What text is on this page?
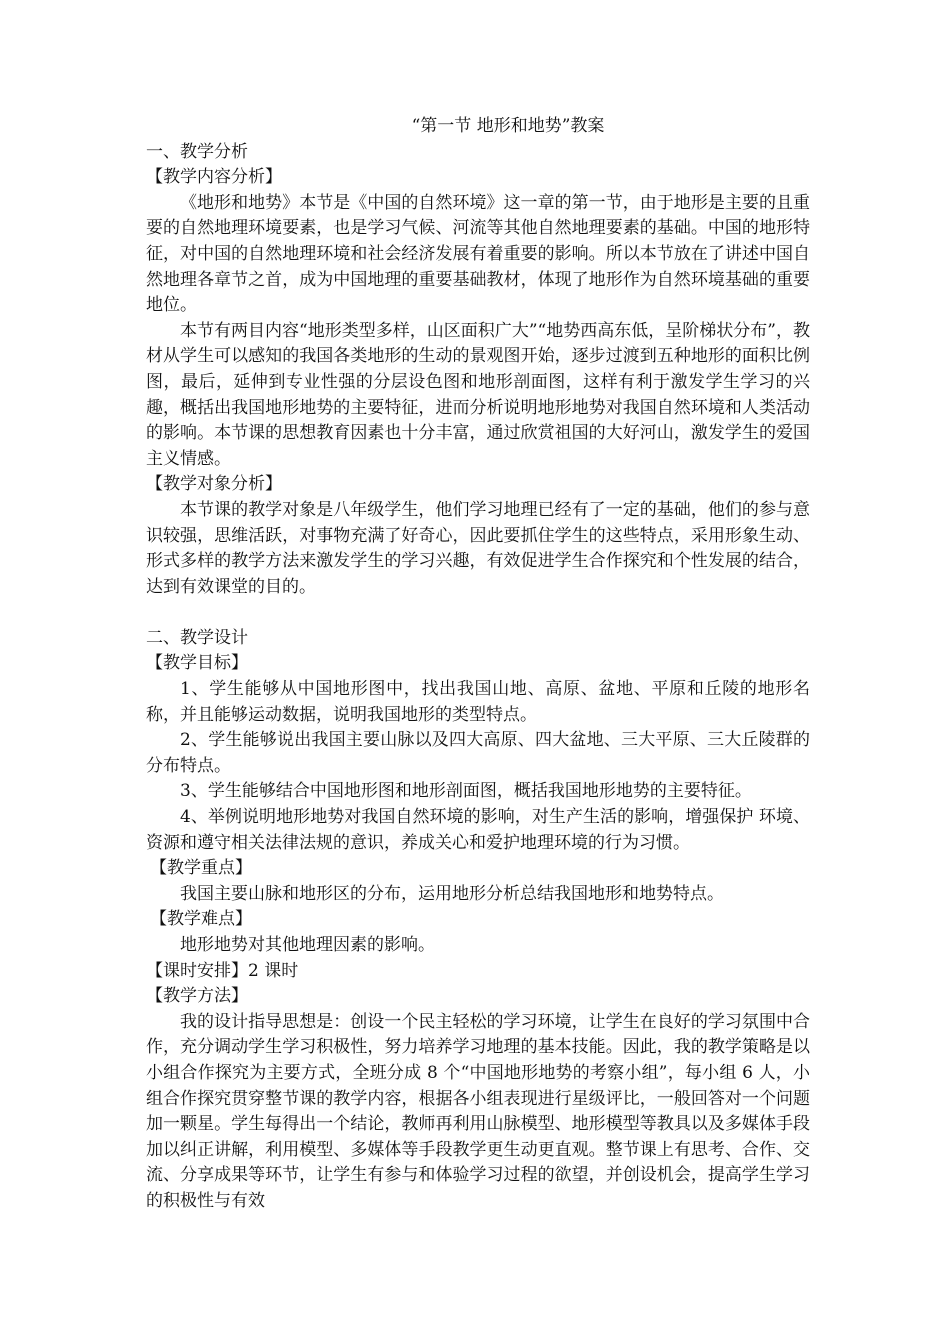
“第一节 地形和地势”教案
一、教学分析
【教学内容分析】

《地形和地势》本节是《中国的自然环境》这一章的第一节，由于地形是主要的且重要的自然地理环境要素，也是学习气候、河流等其他自然地理要素的基础。中国的地形特征，对中国的自然地理环境和社会经济发展有着重要的影响。所以本节放在了讲述中国自然地理各章节之首，成为中国地理的重要基础教材，体现了地形作为自然环境基础的重要地位。

本节有两目内容“地形类型多样，山区面积广大”“地势西高东低，呈阶梯状分布”，教材从学生可以感知的我国各类地形的生动的景观图开始，逐步过渡到五种地形的面积比例图，最后，延伸到专业性强的分层设色图和地形剖面图，这样有利于激发学生学习的兴趣，概括出我国地形地势的主要特征，进而分析说明地形地势对我国自然环境和人类活动的影响。本节课的思想教育因素也十分丰富，通过欣赏祖国的大好河山，激发学生的爱国主义情感。

【教学对象分析】

本节课的教学对象是八年级学生，他们学习地理已经有了一定的基础，他们的参与意识较强，思维活跃，对事物充满了好奇心，因此要抓住学生的这些特点，采用形象生动、形式多样的教学方法来激发学生的学习兴趣，有效促进学生合作探究和个性发展的结合，达到有效课堂的目的。

二、教学设计
【教学目标】

1、学生能够从中国地形图中，找出我国山地、高原、盆地、平原和丘陵的地形名称，并且能够运动数据，说明我国地形的类型特点。

2、学生能够说出我国主要山脉以及四大高原、四大盆地、三大平原、三大丘陵群的分布特点。

3、学生能够结合中国地形图和地形剖面图，概括我国地形地势的主要特征。

4、举例说明地形地势对我国自然环境的影响，对生产生活的影响，增强保护 环境、资源和遵守相关法律法规的意识，养成关心和爱护地理环境的行为习惯。

【教学重点】

我国主要山脉和地形区的分布，运用地形分析总结我国地形和地势特点。

【教学难点】

地形地势对其他地理因素的影响。

【课时安排】2 课时
【教学方法】

我的设计指导思想是：创设一个民主轻松的学习环境，让学生在良好的学习氛围中合作，充分调动学生学习积极性，努力培养学习地理的基本技能。因此，我的教学策略是以小组合作探究为主要方式，全班分成 8 个“中国地形地势的考察小组”，每小组 6 人，小组合作探究贯穿整节课的教学内容，根据各小组表现进行星级评比，一般回答对一个问题加一颗星。学生每得出一个结论，教师再利用山脉模型、地形模型等教具以及多媒体手段加以纠正讲解，利用模型、多媒体等手段教学更生动更直观。整节课上有思考、合作、交流、分享成果等环节，让学生有参与和体验学习过程的欲望，并创设机会，提高学生学习的积极性与有效
